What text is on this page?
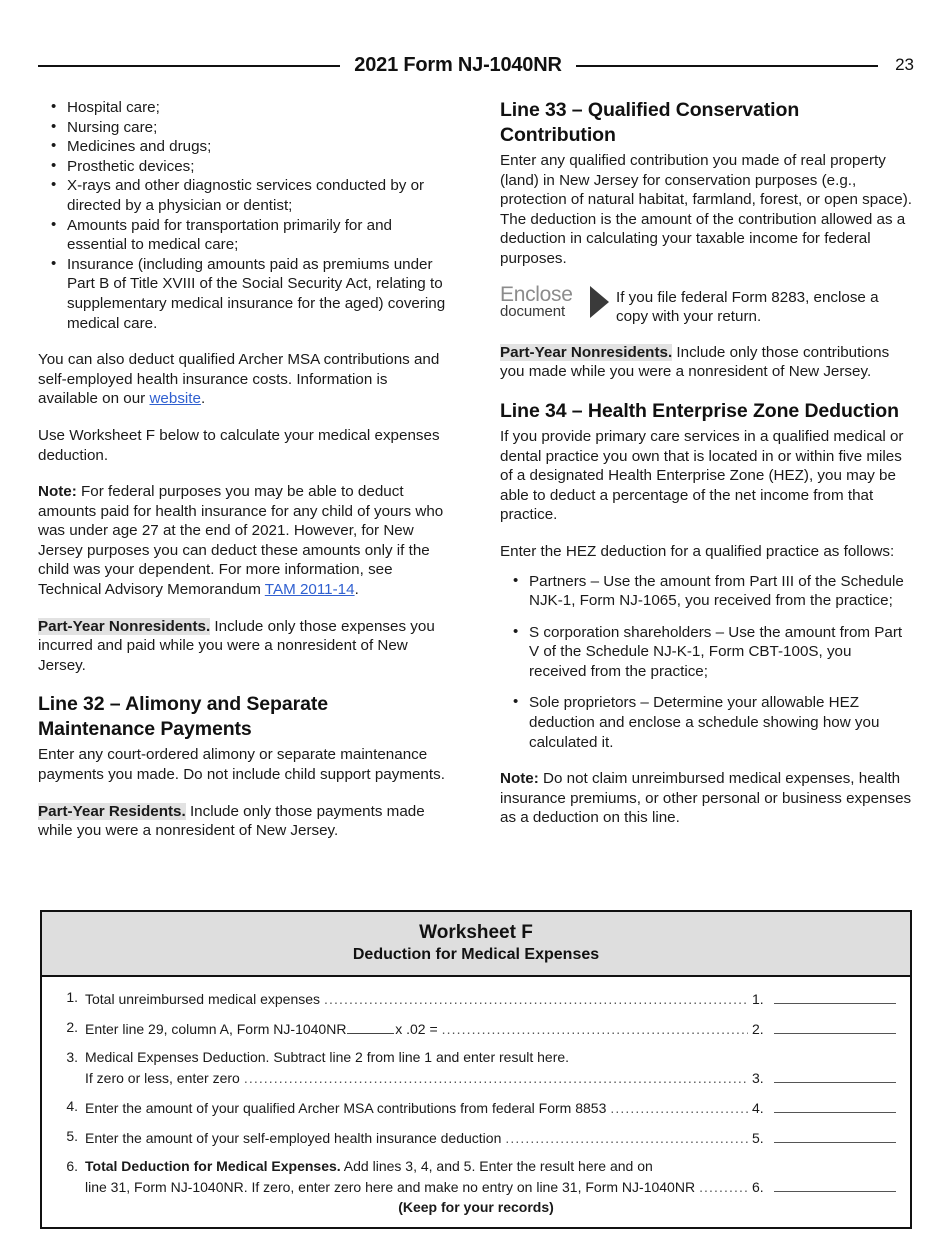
2021 Form NJ-1040NR	23
• Hospital care;
• Nursing care;
• Medicines and drugs;
• Prosthetic devices;
• X-rays and other diagnostic services conducted by or directed by a physician or dentist;
• Amounts paid for transportation primarily for and essential to medical care;
• Insurance (including amounts paid as premiums under Part B of Title XVIII of the Social Security Act, relating to supplementary medical insurance for the aged) covering medical care.

You can also deduct qualified Archer MSA contributions and self-employed health insurance costs. Information is available on our website.

Use Worksheet F below to calculate your medical expenses deduction.

Note: For federal purposes you may be able to deduct amounts paid for health insurance for any child of yours who was under age 27 at the end of 2021. However, for New Jersey purposes you can deduct these amounts only if the child was your dependent. For more information, see Technical Advisory Memorandum TAM 2011-14.

Part-Year Nonresidents. Include only those expenses you incurred and paid while you were a nonresident of New Jersey.

Line 32 – Alimony and Separate Maintenance Payments

Enter any court-ordered alimony or separate maintenance payments you made. Do not include child support payments.

Part-Year Residents. Include only those payments made while you were a nonresident of New Jersey.

Line 33 – Qualified Conservation Contribution

Enter any qualified contribution you made of real property (land) in New Jersey for conservation purposes (e.g., protection of natural habitat, farmland, forest, or open space). The deduction is the amount of the contribution allowed as a deduction in calculating your taxable income for federal purposes.

Enclose
document
If you file federal Form 8283, enclose a copy with your return.

Part-Year Nonresidents. Include only those contributions you made while you were a nonresident of New Jersey.

Line 34 – Health Enterprise Zone Deduction

If you provide primary care services in a qualified medical or dental practice you own that is located in or within five miles of a designated Health Enterprise Zone (HEZ), you may be able to deduct a percentage of the net income from that practice.

Enter the HEZ deduction for a qualified practice as follows:

• Partners – Use the amount from Part III of the Schedule NJK-1, Form NJ-1065, you received from the practice;
• S corporation shareholders – Use the amount from Part V of the Schedule NJ-K-1, Form CBT-100S, you received from the practice;
• Sole proprietors – Determine your allowable HEZ deduction and enclose a schedule showing how you calculated it.

Note: Do not claim unreimbursed medical expenses, health insurance premiums, or other personal or business expenses as a deduction on this line.

Worksheet F
Deduction for Medical Expenses
1. Total unreimbursed medical expenses .....	1.
2. Enter line 29, column A, Form NJ-1040NR	x .02 = .....	2.
3. Medical Expenses Deduction. Subtract line 2 from line 1 and enter result here.
If zero or less, enter zero .....	3.
4. Enter the amount of your qualified Archer MSA contributions from federal Form 8853 .....	4.
5. Enter the amount of your self-employed health insurance deduction .....	5.
6. Total Deduction for Medical Expenses. Add lines 3, 4, and 5. Enter the result here and on
line 31, Form NJ-1040NR. If zero, enter zero here and make no entry on line 31, Form NJ-1040NR .....	6.
(Keep for your records)
